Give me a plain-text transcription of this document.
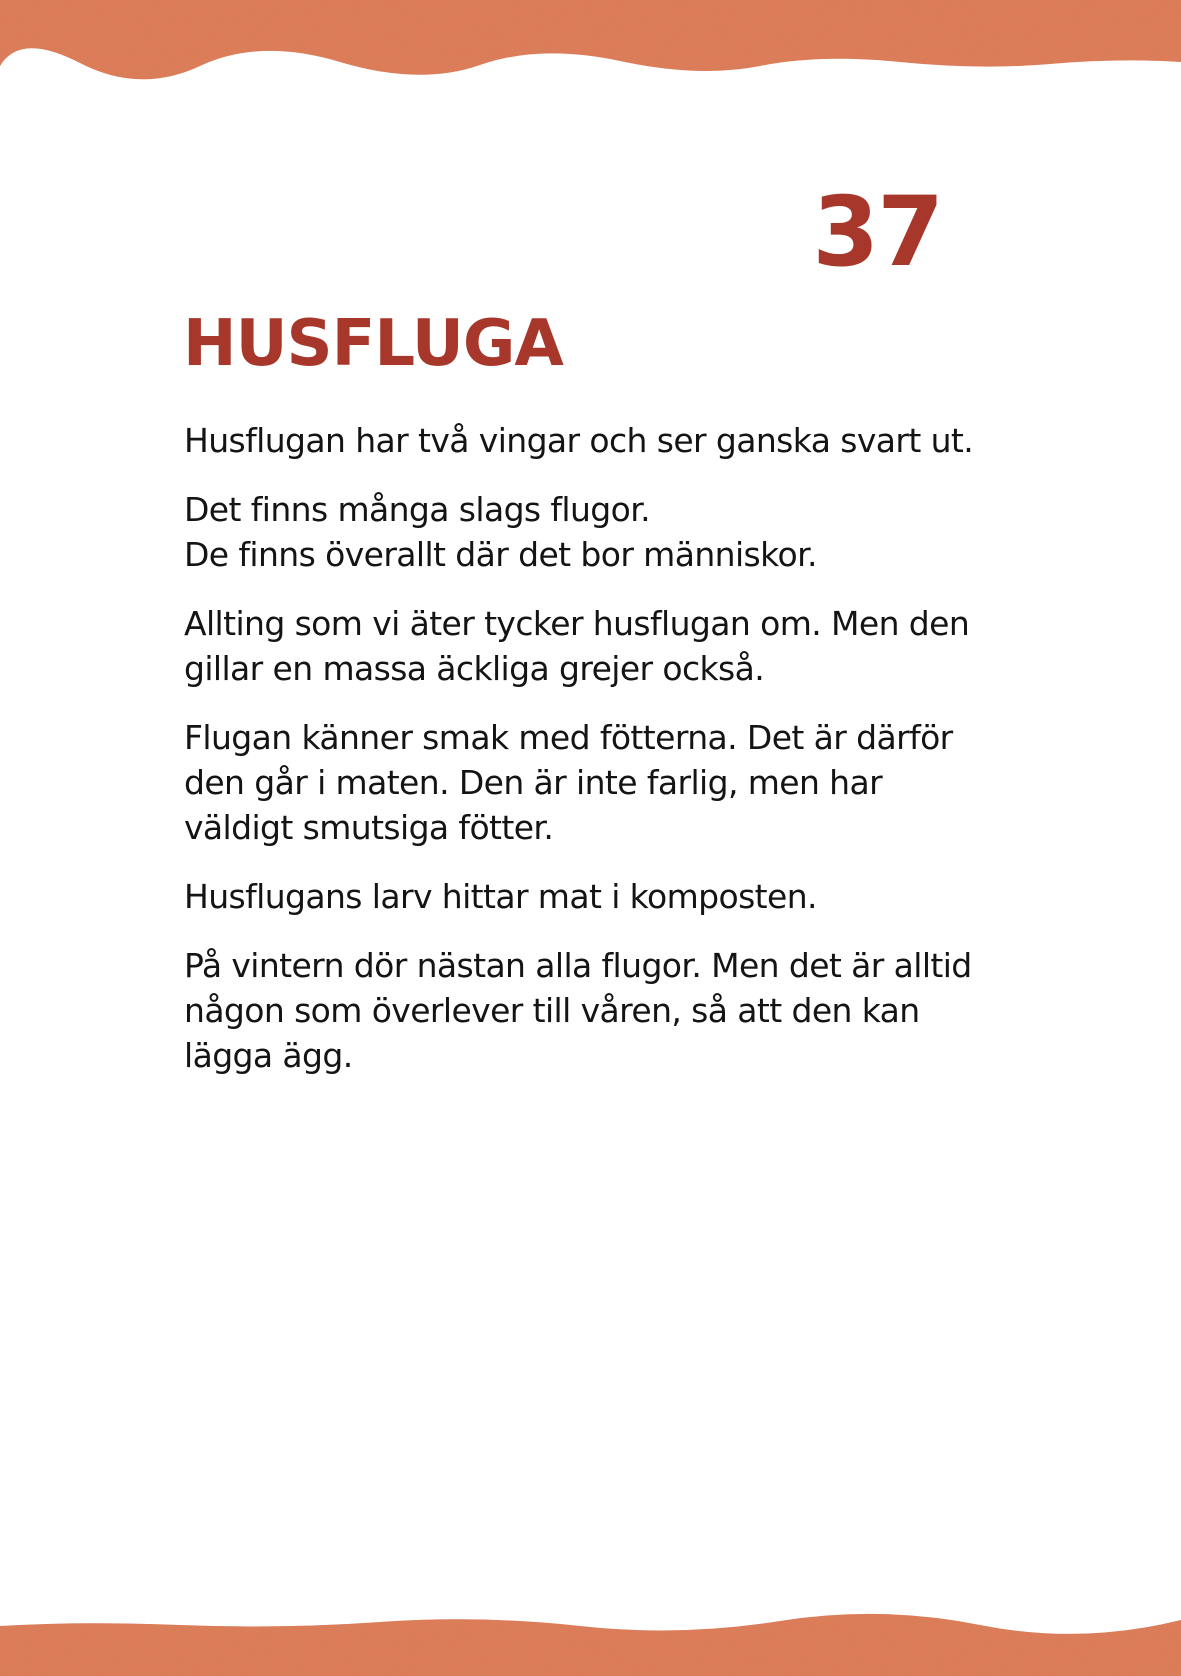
37
HUSFLUGA

Husflugan har två vingar och ser ganska svart ut.

Det finns många slags flugor.
De finns överallt där det bor människor.

Allting som vi äter tycker husflugan om. Men den
gillar en massa äckliga grejer också.

Flugan känner smak med fötterna. Det är därför
den går i maten. Den är inte farlig, men har
väldigt smutsiga fötter.

Husflugans larv hittar mat i komposten.

På vintern dör nästan alla flugor. Men det är alltid
någon som överlever till våren, så att den kan
lägga ägg.
